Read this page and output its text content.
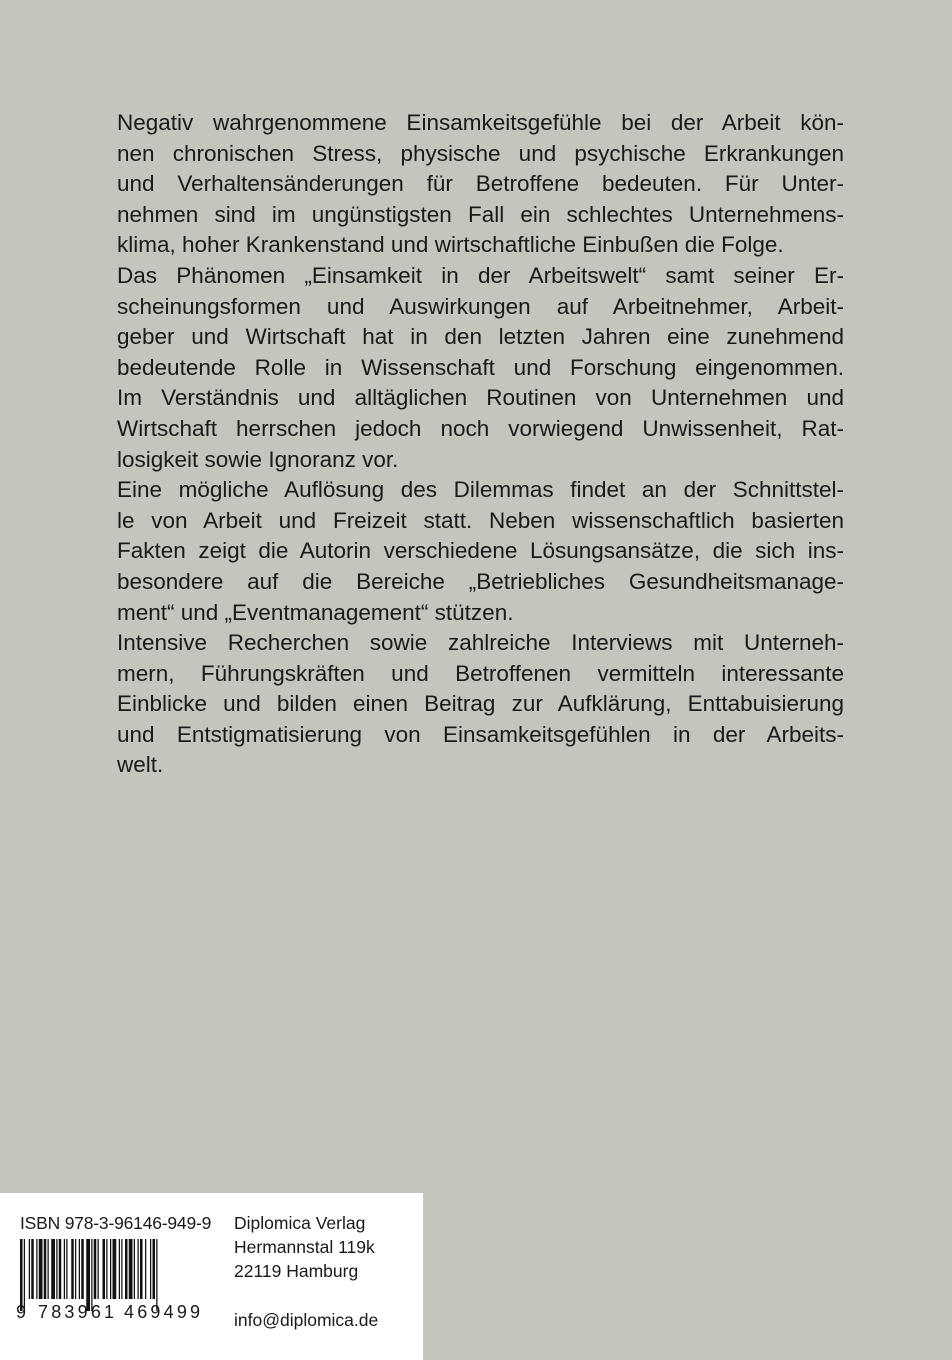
Negativ wahrgenommene Einsamkeitsgefühle bei der Arbeit kön-
nen chronischen Stress, physische und psychische Erkrankungen
und Verhaltensänderungen für Betroffene bedeuten. Für Unter-
nehmen sind im ungünstigsten Fall ein schlechtes Unternehmens-
klima, hoher Krankenstand und wirtschaftliche Einbußen die Folge.
Das Phänomen „Einsamkeit in der Arbeitswelt“ samt seiner Er-
scheinungsformen und Auswirkungen auf Arbeitnehmer, Arbeit-
geber und Wirtschaft hat in den letzten Jahren eine zunehmend
bedeutende Rolle in Wissenschaft und Forschung eingenommen.
Im Verständnis und alltäglichen Routinen von Unternehmen und
Wirtschaft herrschen jedoch noch vorwiegend Unwissenheit, Rat-
losigkeit sowie Ignoranz vor.
Eine mögliche Auflösung des Dilemmas findet an der Schnittstel-
le von Arbeit und Freizeit statt. Neben wissenschaftlich basierten
Fakten zeigt die Autorin verschiedene Lösungsansätze, die sich ins-
besondere auf die Bereiche „Betriebliches Gesundheitsmanage-
ment“ und „Eventmanagement“ stützen.
Intensive Recherchen sowie zahlreiche Interviews mit Unterneh-
mern, Führungskräften und Betroffenen vermitteln interessante
Einblicke und bilden einen Beitrag zur Aufklärung, Enttabuisierung
und Entstigmatisierung von Einsamkeitsgefühlen in der Arbeits-
welt.
ISBN 978-3-96146-949-9
9 783961 469499
Diplomica Verlag
Hermannstal 119k
22119 Hamburg
info@diplomica.de
